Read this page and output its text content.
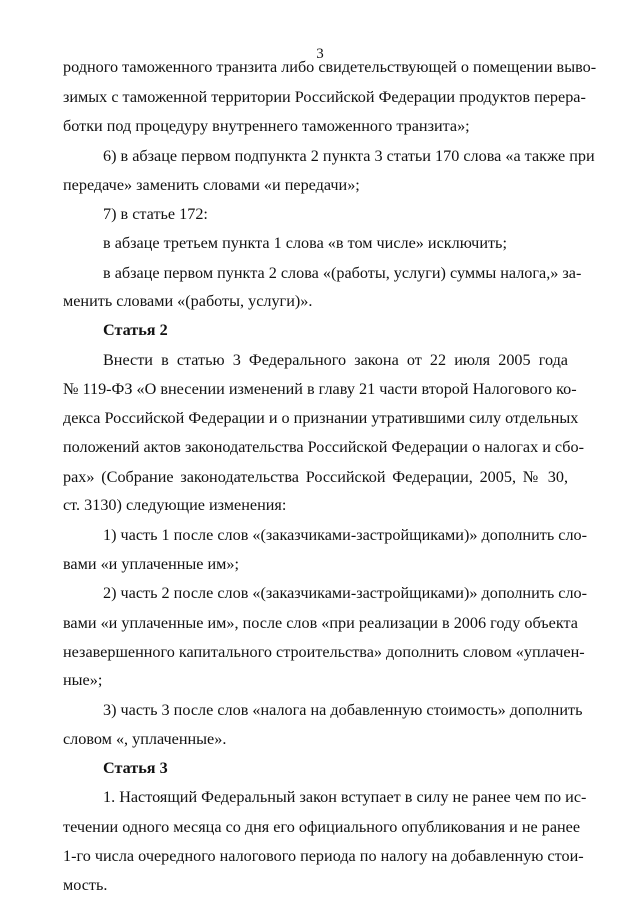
3
родного таможенного транзита либо свидетельствующей о помещении выво-
зимых с таможенной территории Российской Федерации продуктов перера-
ботки под процедуру внутреннего таможенного транзита»;
6) в абзаце первом подпункта 2 пункта 3 статьи 170 слова «а также при
передаче» заменить словами «и передачи»;
7) в статье 172:
в абзаце третьем пункта 1 слова «в том числе» исключить;
в абзаце первом пункта 2 слова «(работы, услуги) суммы налога,» за-
менить словами «(работы, услуги)».
Статья 2
Внести в статью 3 Федерального закона от 22 июля 2005 года
№ 119-ФЗ «О внесении изменений в главу 21 части второй Налогового ко-
декса Российской Федерации и о признании утратившими силу отдельных
положений актов законодательства Российской Федерации о налогах и сбо-
рах» (Собрание законодательства Российской Федерации, 2005, № 30,
ст. 3130) следующие изменения:
1) часть 1 после слов «(заказчиками-застройщиками)» дополнить сло-
вами «и уплаченные им»;
2) часть 2 после слов «(заказчиками-застройщиками)» дополнить сло-
вами «и уплаченные им», после слов «при реализации в 2006 году объекта
незавершенного капитального строительства» дополнить словом «уплачен-
ные»;
3) часть 3 после слов «налога на добавленную стоимость» дополнить
словом «, уплаченные».
Статья 3
1. Настоящий Федеральный закон вступает в силу не ранее чем по ис-
течении одного месяца со дня его официального опубликования и не ранее
1-го числа очередного налогового периода по налогу на добавленную стои-
мость.
